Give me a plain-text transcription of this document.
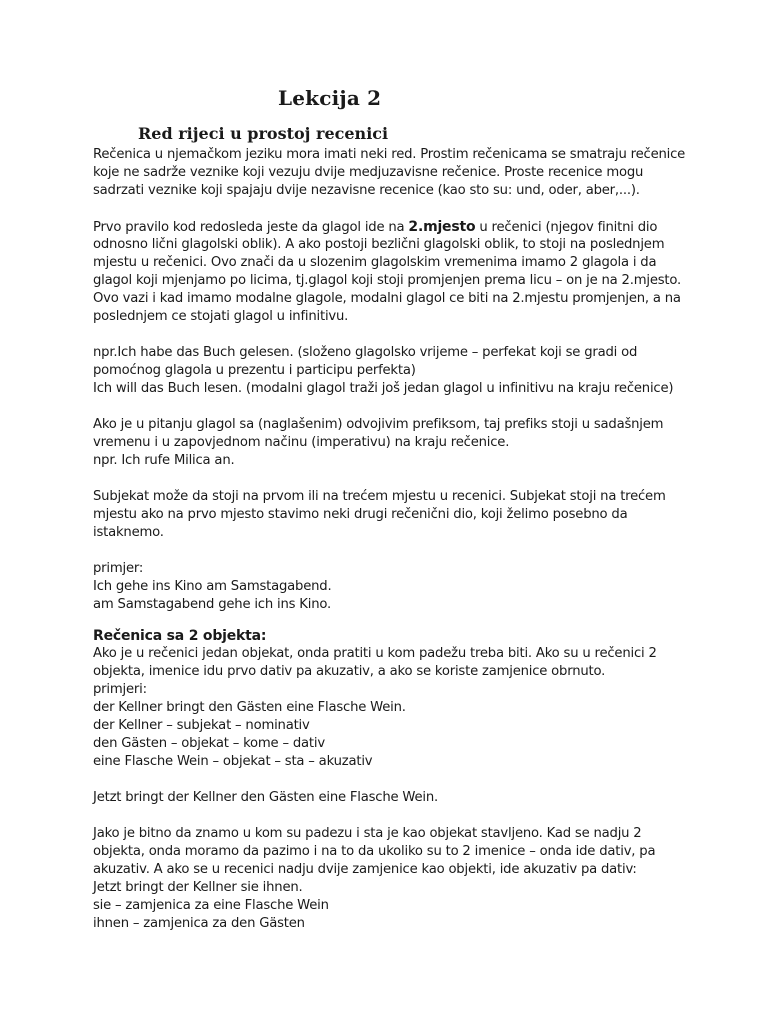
Lekcija 2
Red rijeci u prostoj recenici
Rečenica u njemačkom jeziku mora imati neki red. Prostim rečenicama se smatraju rečenice
koje ne sadrže veznike koji vezuju dvije medjuzavisne rečenice. Proste recenice mogu
sadrzati veznike koji spajaju dvije nezavisne recenice (kao sto su: und, oder, aber,...).
Prvo pravilo kod redosleda jeste da glagol ide na 2.mjesto u rečenici (njegov finitni dio
odnosno lični glagolski oblik). A ako postoji bezlični glagolski oblik, to stoji na poslednjem
mjestu u rečenici. Ovo znači da u slozenim glagolskim vremenima imamo 2 glagola i da
glagol koji mjenjamo po licima, tj.glagol koji stoji promjenjen prema licu – on je na 2.mjesto.
Ovo vazi i kad imamo modalne glagole, modalni glagol ce biti na 2.mjestu promjenjen, a na
poslednjem ce stojati glagol u infinitivu.
npr.Ich habe das Buch gelesen. (složeno glagolsko vrijeme – perfekat koji se gradi od
pomoćnog glagola u prezentu i participu perfekta)
Ich will das Buch lesen. (modalni glagol traži još jedan glagol u infinitivu na kraju rečenice)
Ako je u pitanju glagol sa (naglašenim) odvojivim prefiksom, taj prefiks stoji u sadašnjem
vremenu i u zapovjednom načinu (imperativu) na kraju rečenice.
npr. Ich rufe Milica an.
Subjekat može da stoji na prvom ili na trećem mjestu u recenici. Subjekat stoji na trećem
mjestu ako na prvo mjesto stavimo neki drugi rečenični dio, koji želimo posebno da
istaknemo.
primjer:
Ich gehe ins Kino am Samstagabend.
am Samstagabend gehe ich ins Kino.
Rečenica sa 2 objekta:
Ako je u rečenici jedan objekat, onda pratiti u kom padežu treba biti. Ako su u rečenici 2
objekta, imenice idu prvo dativ pa akuzativ, a ako se koriste zamjenice obrnuto.
primjeri:
der Kellner bringt den Gästen eine Flasche Wein.
der Kellner – subjekat – nominativ
den Gästen – objekat – kome – dativ
eine Flasche Wein – objekat – sta – akuzativ
Jetzt bringt der Kellner den Gästen eine Flasche Wein.
Jako je bitno da znamo u kom su padezu i sta je kao objekat stavljeno. Kad se nadju 2
objekta, onda moramo da pazimo i na to da ukoliko su to 2 imenice – onda ide dativ, pa
akuzativ. A ako se u recenici nadju dvije zamjenice kao objekti, ide akuzativ pa dativ:
Jetzt bringt der Kellner sie ihnen.
sie – zamjenica za eine Flasche Wein
ihnen – zamjenica za den Gästen
